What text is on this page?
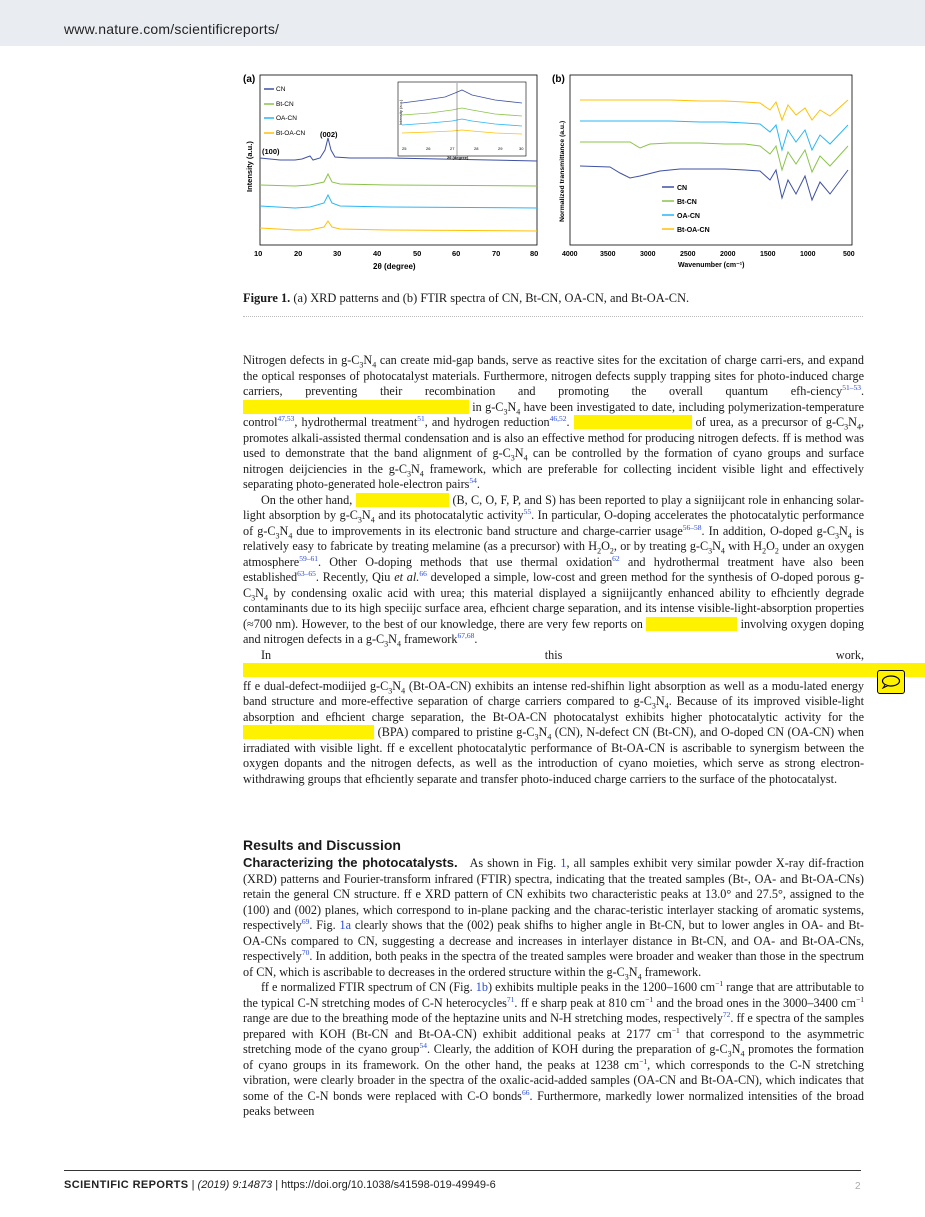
www.nature.com/scientificreports/
(a)
CN
Bt-CN
OA-CN
Bt-OA-CN (002)
(100)	25	26	27	28	29	30
2θ (degree)
Intensity (a.u.)
10	20	30	40	50	60	70	80
2θ (degree)
Intensity (a.u.)
(b)
CN
Bt-CN
OA-CN
Bt-OA-CN
4000	3500	3000	2500	2000	1500	1000	500
Wavenumber (cm⁻¹)
Normalized transmittance (a.u.)
Figure 1. (a) XRD patterns and (b) FTIR spectra of CN, Bt-CN, OA-CN, and Bt-OA-CN.

Nitrogen defects in $g-C_3N_4$ can create mid-gap bands, serve as reactive sites for the excitation of charge carri-ers, and expand the optical responses of photocatalyst materials. Furthermore, nitrogen defects supply trapping sites for photo-induced charge carriers, preventing their recombination and promoting the overall quantum efh-ciency$^{51-53}$.                                                                    in $g-C_3N_4$ have been investigated to date, including polymerization-temperature control$^{47,53}$, hydrothermal treatment$^{51}$, and hydrogen reduction$^{46,52}$.	of urea, as a precursor of $g-C_3N_4$, promotes alkali-assisted thermal condensation and is also an effective method for producing nitrogen defects. ff is method was used to demonstrate that the band alignment of $g-C_3N_4$ can be controlled by the formation of cyano groups and surface nitrogen deijciencies in the $g-C_3N_4$ framework, which are preferable for collecting incident visible light and effectively separating photo-generated hole-electron pairs$^{54}$.

On the other hand,	(B, C, O, F, P, and S) has been reported to play a signiijcant role in enhancing solar-light absorption by $g-C_3N_4$ and its photocatalytic activity$^{55}$. In particular, O-doping accelerates the photocatalytic performance of $g-C_3N_4$ due to improvements in its electronic band structure and charge-carrier usage$^{56-58}$. In addition, O-doped $g-C_3N_4$ is relatively easy to fabricate by treating melamine (as a precursor) with $H_2O_2$, or by treating $g-C_3N_4$ with $H_2O_2$ under an oxygen atmosphere$^{59-61}$. Other O-doping methods that use thermal oxidation$^{62}$ and hydrothermal treatment have also been established$^{63-65}$. Recently, Qiu et al.$^{66}$ developed a simple, low-cost and green method for the synthesis of O-doped porous $g-C_3N_4$ by condensing oxalic acid with urea; this material displayed a signiijcantly enhanced ability to efhciently degrade contaminants due to its high speciijc surface area, efhcient charge separation, and its intense visible-light-absorption properties (≈700 nm). However, to the best of our knowledge, there are very few reports on	involving oxygen doping and nitrogen defects in a $g-C_3N_4$ framework$^{67,68}$.

In this work,                                                                                                                                                                                                                                                                  ff e dual-defect-modiijed $g-C_3N_4$ (Bt-OA-CN) exhibits an intense red-shifhin light absorption as well as a modu-lated energy band structure and more-effective separation of charge carriers compared to $g-C_3N_4$. Because of its improved visible-light absorption and efhcient charge separation, the Bt-OA-CN photocatalyst exhibits higher photocatalytic activity for the                                        (BPA) compared to pristine $g-C_3N_4$ (CN), N-defect CN (Bt-CN), and O-doped CN (OA-CN) when irradiated with visible light. ff e excellent photocatalytic performance of Bt-OA-CN is ascribable to synergism between the oxygen dopants and the nitrogen defects, as well as the introduction of cyano moieties, which serve as strong electron-withdrawing groups that efhciently separate and transfer photo-induced charge carriers to the surface of the photocatalyst.

Results and Discussion

Characterizing the photocatalysts. As shown in Fig. 1, all samples exhibit very similar powder X-ray dif-fraction (XRD) patterns and Fourier-transform infrared (FTIR) spectra, indicating that the treated samples (Bt-, OA- and Bt-OA-CNs) retain the general CN structure. ff e XRD pattern of CN exhibits two characteristic peaks at 13.0° and 27.5°, assigned to the (100) and (002) planes, which correspond to in-plane packing and the charac-teristic interlayer stacking of aromatic systems, respectively$^{69}$. Fig. 1a clearly shows that the (002) peak shifhs to higher angle in Bt-CN, but to lower angles in OA- and Bt-OA-CNs compared to CN, suggesting a decrease and increases in interlayer distance in Bt-CN, and OA- and Bt-OA-CNs, respectively$^{70}$. In addition, both peaks in the spectra of the treated samples were broader and weaker than those in the spectrum of CN, which is ascribable to decreases in the ordered structure within the $g-C_3N_4$ framework.

ff e normalized FTIR spectrum of CN (Fig. 1b) exhibits multiple peaks in the 1200–1600 $cm^{-1}$ range that are attributable to the typical C-N stretching modes of C-N heterocycles$^{71}$. ff e sharp peak at 810 $cm^{-1}$ and the broad ones in the 3000–3400 $cm^{-1}$ range are due to the breathing mode of the heptazine units and N-H stretching modes, respectively$^{72}$. ff e spectra of the samples prepared with KOH (Bt-CN and Bt-OA-CN) exhibit additional peaks at 2177 $cm^{-1}$ that correspond to the asymmetric stretching mode of the cyano group$^{54}$. Clearly, the addition of KOH during the preparation of $g-C_3N_4$ promotes the formation of cyano groups in its framework. On the other hand, the peaks at 1238 $cm^{-1}$, which corresponds to the C-N stretching vibration, were clearly broader in the spectra of the oxalic-acid-added samples (OA-CN and Bt-OA-CN), which indicates that some of the C-N bonds were replaced with C-O bonds$^{66}$. Furthermore, markedly lower normalized intensities of the broad peaks between

SCIENTIFIC REPORTS | (2019) 9:14873 | https://doi.org/10.1038/s41598-019-49949-6	2
